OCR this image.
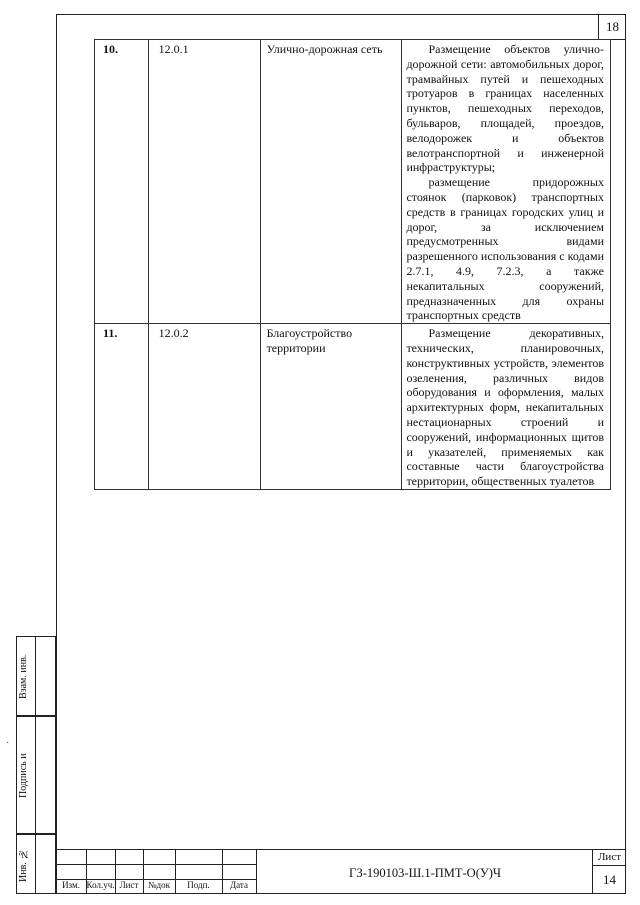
18
10.	12.0.1	Улично-дорожная сеть	Размещение объектов улично-дорожной сети: автомобильных дорог, трамвайных путей и пешеходных тротуаров в границах населенных пунктов, пешеходных переходов, бульваров, площадей, проездов, велодорожек и объектов велотранспортной и инженерной инфраструктуры;
размещение придорожных стоянок (парковок) транспортных средств в границах городских улиц и дорог, за исключением предусмотренных видами разрешенного использования с кодами 2.7.1, 4.9, 7.2.3, а также некапитальных сооружений, предназначенных для охраны транспортных средств

11.	12.0.2	Благоустройство территории	Размещение декоративных, технических, планировочных, конструктивных устройств, элементов озеленения, различных видов оборудования и оформления, малых архитектурных форм, некапитальных нестационарных строений и сооружений, информационных щитов и указателей, применяемых как составные части благоустройства территории, общественных туалетов
Взам. инв.
Подпись и
Инв. №
·
Изм. Кол.уч. Лист	№док	Подп.	Дата
ГЗ-190103-Ш.1-ПМТ-О(У)Ч
Лист
14
